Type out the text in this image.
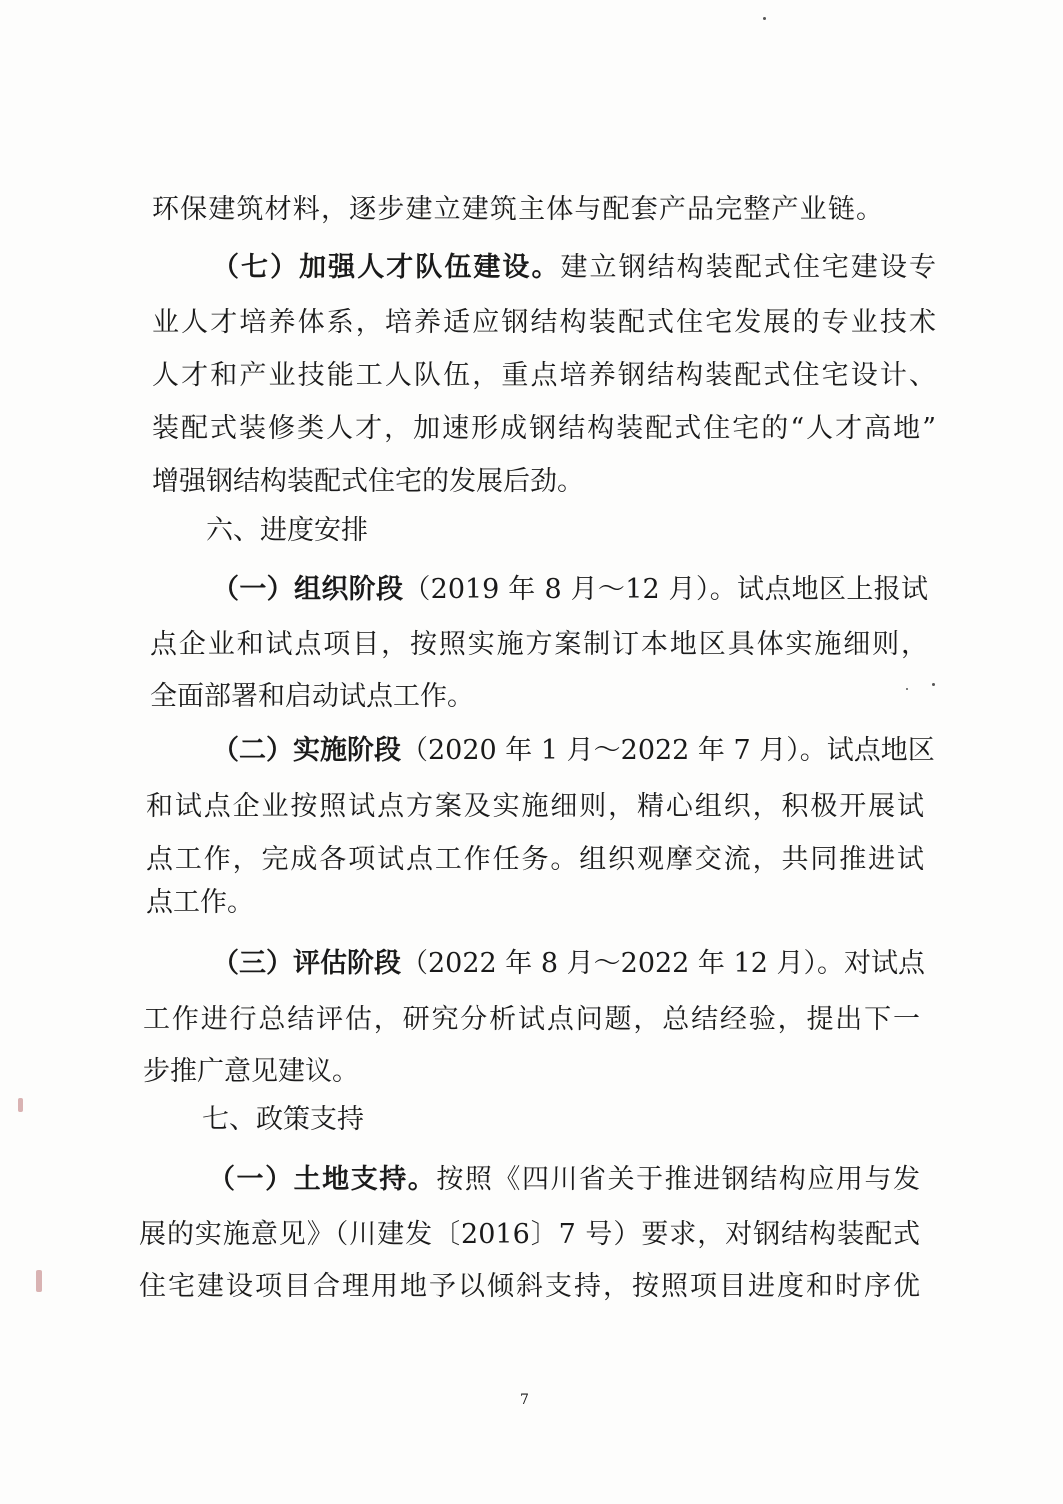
环保建筑材料，逐步建立建筑主体与配套产品完整产业链。
（七）加强人才队伍建设。建立钢结构装配式住宅建设专
业人才培养体系，培养适应钢结构装配式住宅发展的专业技术
人才和产业技能工人队伍，重点培养钢结构装配式住宅设计、
装配式装修类人才，加速形成钢结构装配式住宅的“人才高地”
增强钢结构装配式住宅的发展后劲。
六、进度安排
（一）组织阶段（2019 年 8 月～12 月）。试点地区上报试
点企业和试点项目，按照实施方案制订本地区具体实施细则，
全面部署和启动试点工作。
（二）实施阶段（2020 年 1 月～2022 年 7 月）。试点地区
和试点企业按照试点方案及实施细则，精心组织，积极开展试
点工作，完成各项试点工作任务。组织观摩交流，共同推进试
点工作。
（三）评估阶段（2022 年 8 月～2022 年 12 月）。对试点
工作进行总结评估，研究分析试点问题，总结经验，提出下一
步推广意见建议。
七、政策支持
（一）土地支持。按照《四川省关于推进钢结构应用与发
展的实施意见》（川建发〔2016〕7 号）要求，对钢结构装配式
住宅建设项目合理用地予以倾斜支持，按照项目进度和时序优
7
